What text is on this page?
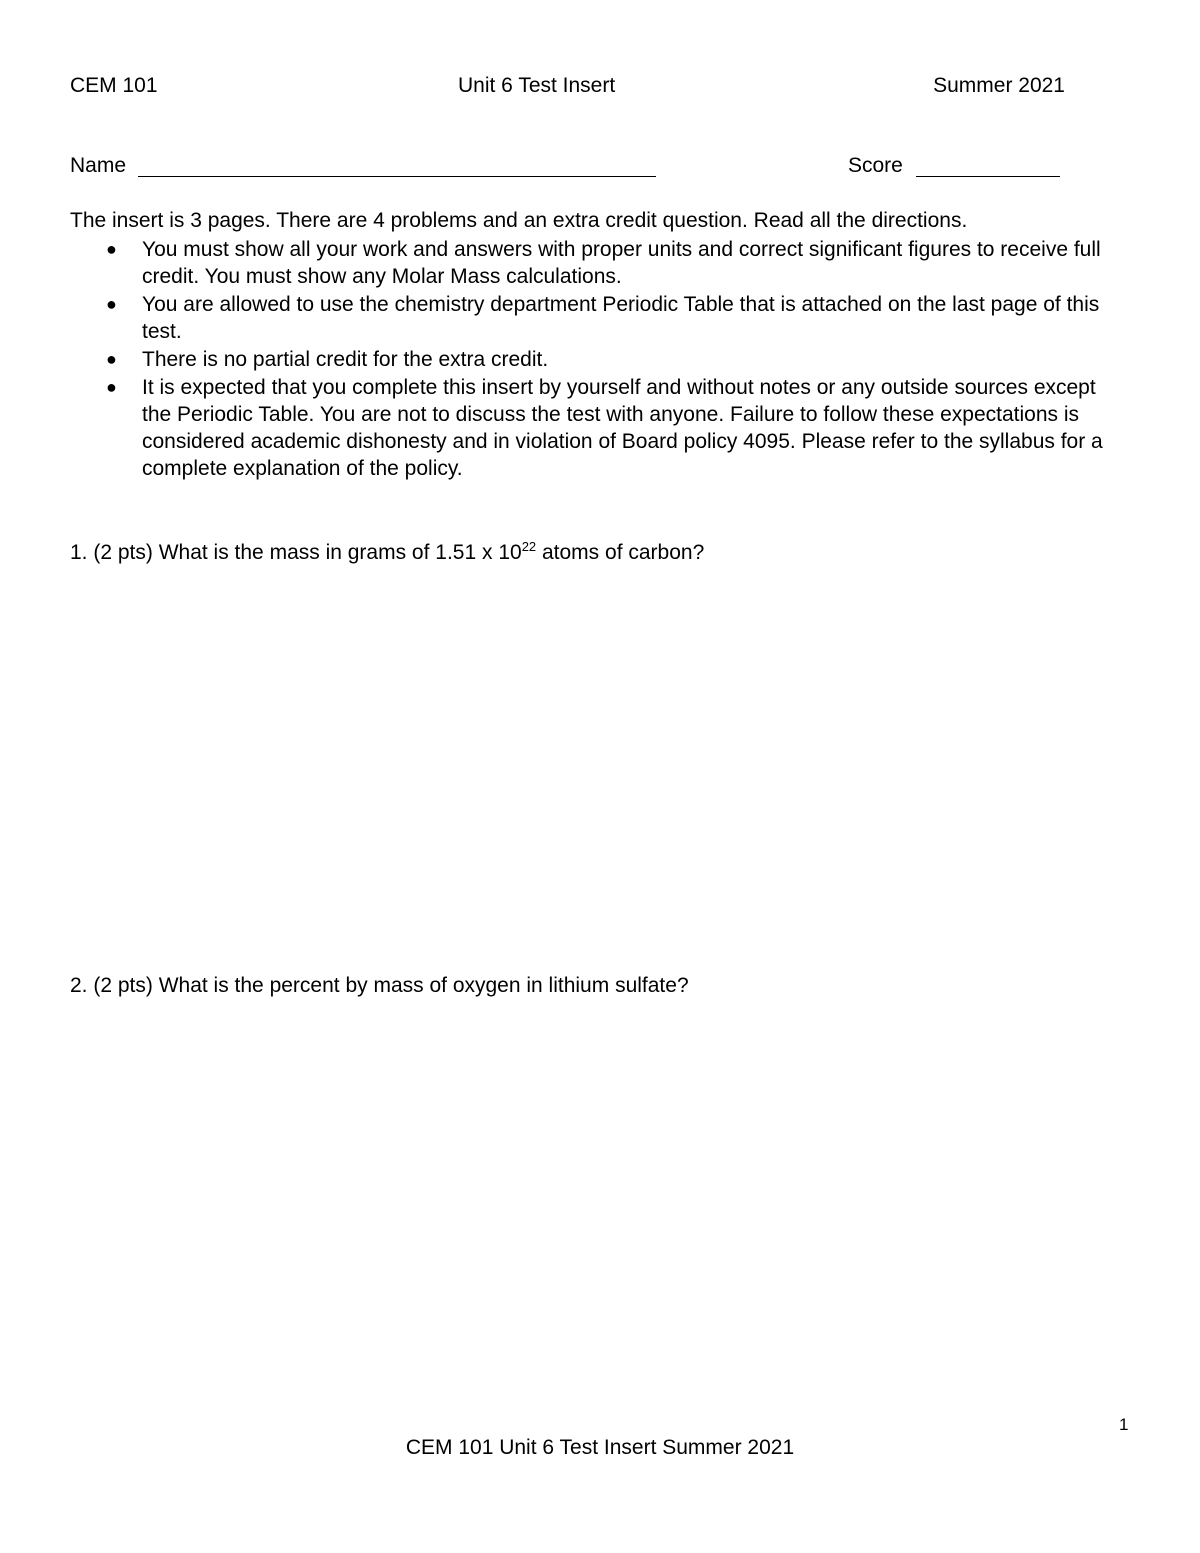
CEM 101	Unit 6 Test Insert	Summer 2021
Name	Score

The insert is 3 pages. There are 4 problems and an extra credit question. Read all the directions.

● You must show all your work and answers with proper units and correct significant figures to receive full credit. You must show any Molar Mass calculations.
● You are allowed to use the chemistry department Periodic Table that is attached on the last page of this test.
● There is no partial credit for the extra credit.
● It is expected that you complete this insert by yourself and without notes or any outside sources except the Periodic Table. You are not to discuss the test with anyone. Failure to follow these expectations is considered academic dishonesty and in violation of Board policy 4095. Please refer to the syllabus for a complete explanation of the policy.

1. (2 pts) What is the mass in grams of 1.51 x $10^{22}$ atoms of carbon?

2. (2 pts) What is the percent by mass of oxygen in lithium sulfate?

1
CEM 101 Unit 6 Test Insert Summer 2021
